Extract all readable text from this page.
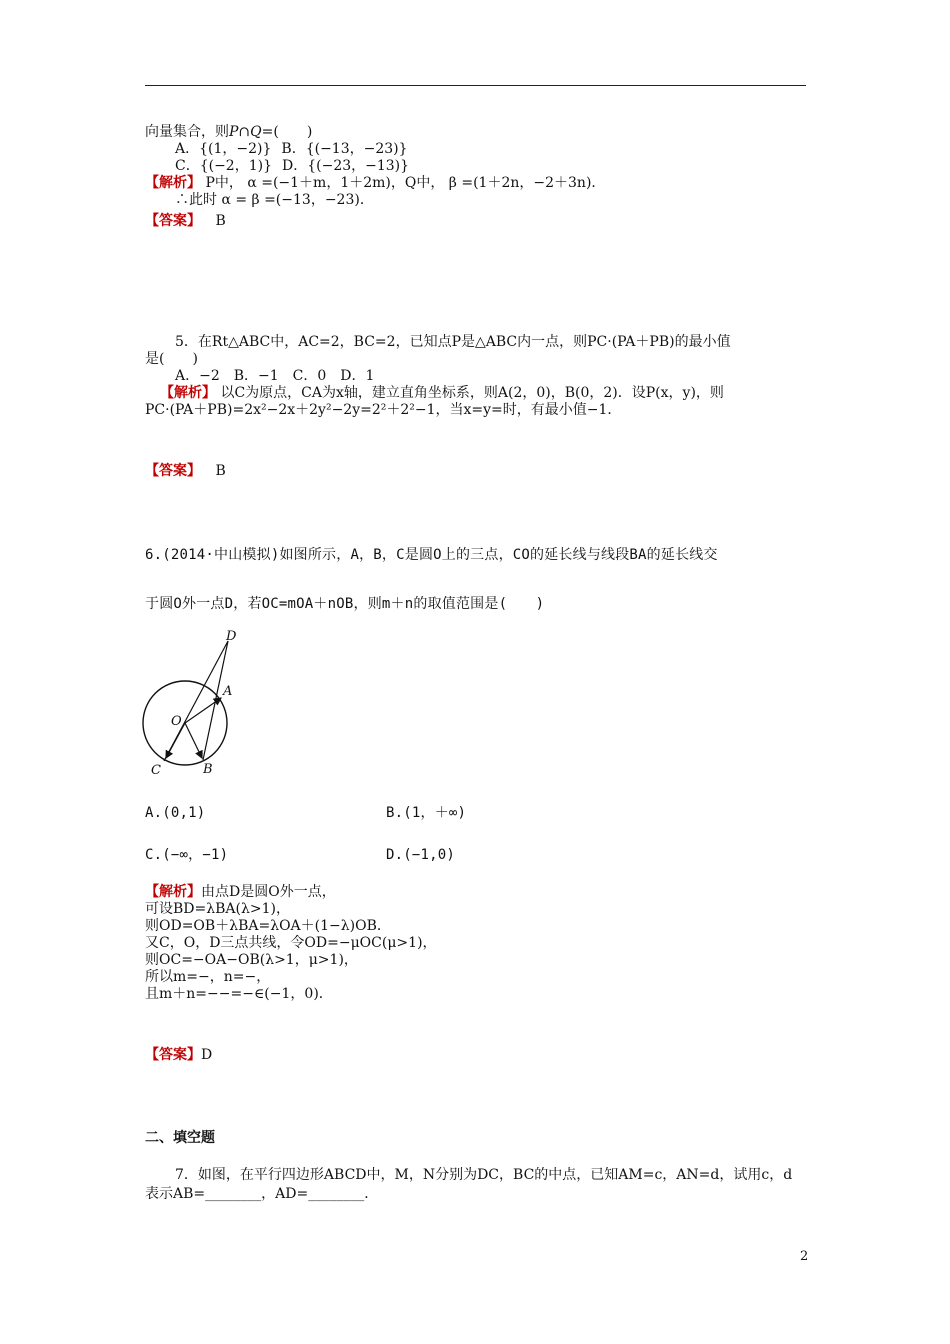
向量集合，则P∩Q=(　　)
A．{(1，−2)} B．{(−13，−23)}
C．{(−2，1)} D．{(−23，−13)}
【解析】 P中， α =(−1＋m，1＋2m)，Q中， β =(1＋2n，−2＋3n)．
∴此时 α = β =(−13，−23)．
【答案】 B
5．在Rt△ABC中，AC=2，BC=2，已知点P是△ABC内一点，则PC·(PA＋PB)的最小值
是(　　)
A．−2　B．−1　C．0　D．1
【解析】 以C为原点，CA为x轴，建立直角坐标系，则A(2，0)，B(0，2)．设P(x，y)，则
PC·(PA＋PB)=2x²−2x＋2y²−2y=2²＋2²−1，当x=y=时，有最小值−1．
【答案】 B
6.(2014·中山模拟)如图所示，A，B，C是圆O上的三点，CO的延长线与线段BA的延长线交
于圆O外一点D，若OC=mOA＋nOB，则m＋n的取值范围是(　　)
D
A
O
C	B
A.(0,1)	B.(1，＋∞)
C.(−∞，−1)	D.(−1,0)
【解析】由点D是圆O外一点，
可设BD=λBA(λ>1)，
则OD=OB＋λBA=λOA＋(1−λ)OB．
又C，O，D三点共线，令OD=−μOC(μ>1)，
则OC=−OA−OB(λ>1，μ>1)，
所以m=−，n=−，
且m＋n=−−=−∈(−1，0)．
【答案】D
二、填空题
7．如图，在平行四边形ABCD中，M，N分别为DC，BC的中点，已知AM=c，AN=d，试用c，d
表示AB=________，AD=________．
2
